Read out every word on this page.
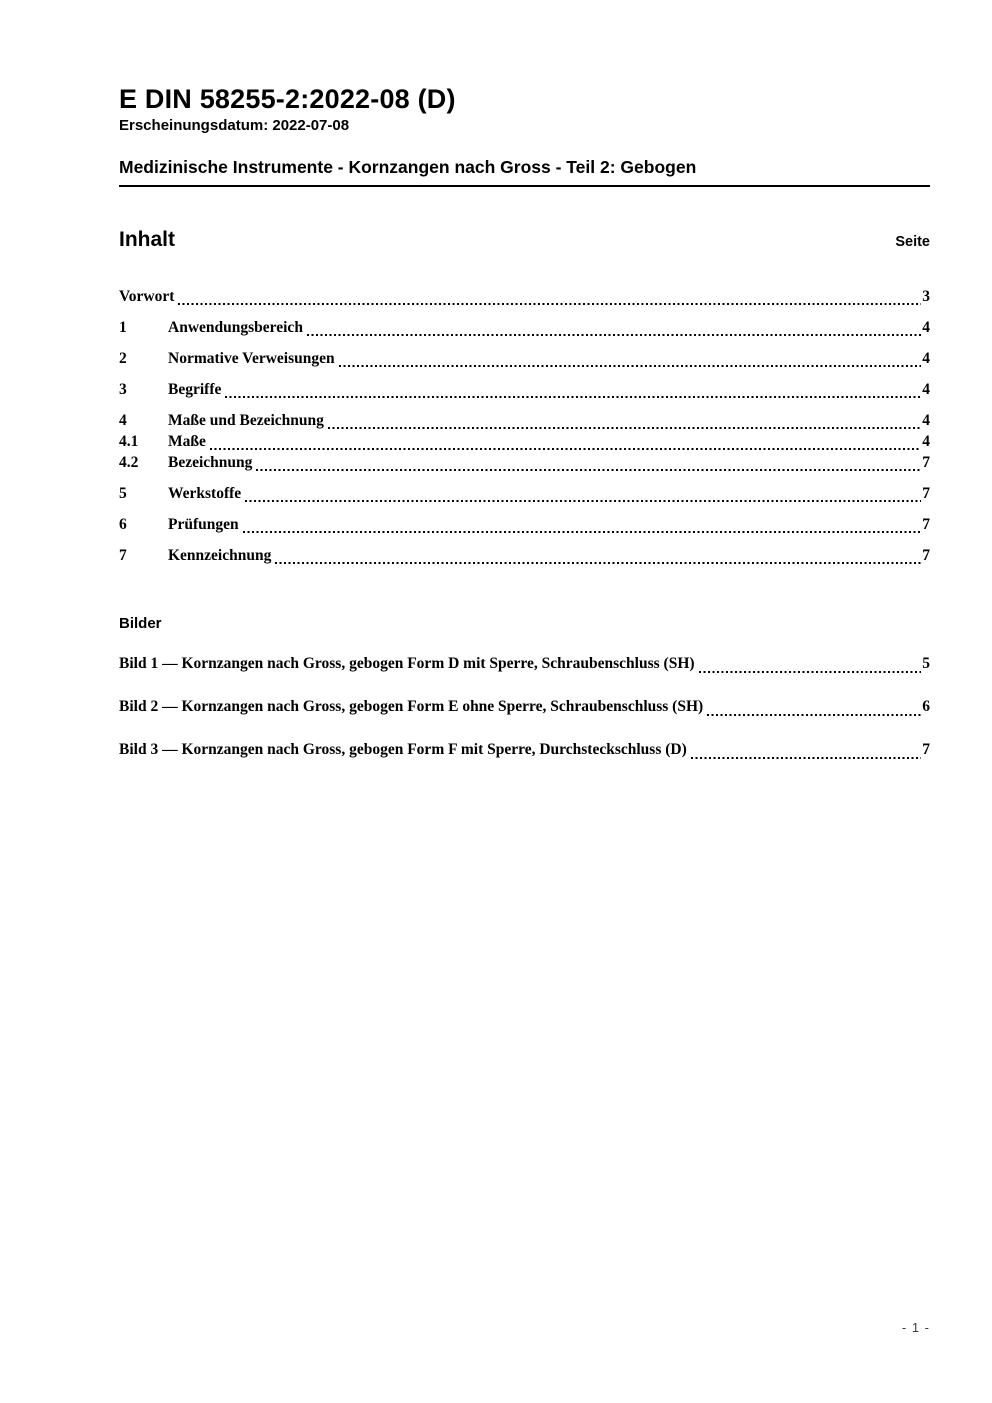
E DIN 58255-2:2022-08 (D)
Erscheinungsdatum: 2022-07-08
Medizinische Instrumente - Kornzangen nach Gross - Teil 2: Gebogen
Inhalt	Seite
Vorwort	3
1	Anwendungsbereich	4
2	Normative Verweisungen	4
3	Begriffe	4
4	Maße und Bezeichnung	4
4.1	Maße	4
4.2	Bezeichnung	7
5	Werkstoffe	7
6	Prüfungen	7
7	Kennzeichnung	7
Bilder
Bild 1 — Kornzangen nach Gross, gebogen Form D mit Sperre, Schraubenschluss (SH)	5
Bild 2 — Kornzangen nach Gross, gebogen Form E ohne Sperre, Schraubenschluss (SH)	6
Bild 3 — Kornzangen nach Gross, gebogen Form F mit Sperre, Durchsteckschluss (D)	7
- 1 -
